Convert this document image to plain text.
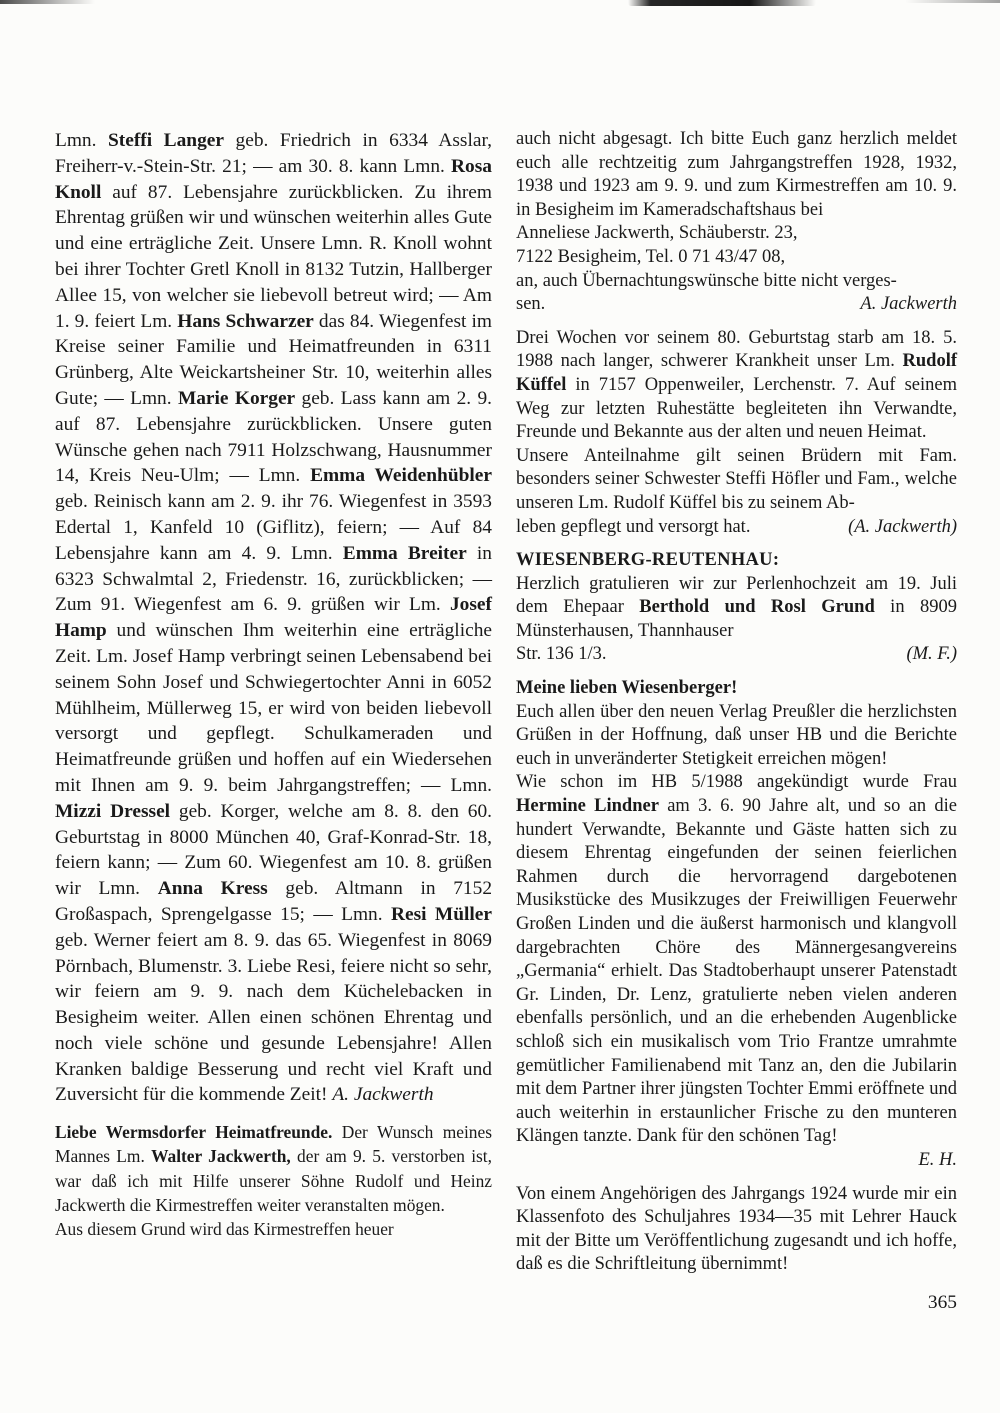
Lmn. Steffi Langer geb. Friedrich in 6334 Asslar, Freiherr-v.-Stein-Str. 21; — am 30. 8. kann Lmn. Rosa Knoll auf 87. Lebensjahre zurückblicken. Zu ihrem Ehrentag grüßen wir und wünschen weiterhin alles Gute und eine erträgliche Zeit. Unsere Lmn. R. Knoll wohnt bei ihrer Tochter Gretl Knoll in 8132 Tutzin, Hallberger Allee 15, von welcher sie liebevoll betreut wird; — Am 1. 9. feiert Lm. Hans Schwarzer das 84. Wiegenfest im Kreise seiner Familie und Heimatfreunden in 6311 Grünberg, Alte Weickartsheiner Str. 10, weiterhin alles Gute; — Lmn. Marie Korger geb. Lass kann am 2. 9. auf 87. Lebensjahre zurückblicken. Unsere guten Wünsche gehen nach 7911 Holzschwang, Hausnummer 14, Kreis Neu-Ulm; — Lmn. Emma Weidenhübler geb. Reinisch kann am 2. 9. ihr 76. Wiegenfest in 3593 Edertal 1, Kanfeld 10 (Giflitz), feiern; — Auf 84 Lebensjahre kann am 4. 9. Lmn. Emma Breiter in 6323 Schwalmtal 2, Friedenstr. 16, zurückblicken; — Zum 91. Wiegenfest am 6. 9. grüßen wir Lm. Josef Hamp und wünschen Ihm weiterhin eine erträgliche Zeit. Lm. Josef Hamp verbringt seinen Lebensabend bei seinem Sohn Josef und Schwiegertochter Anni in 6052 Mühlheim, Müllerweg 15, er wird von beiden liebevoll versorgt und gepflegt. Schulkameraden und Heimatfreunde grüßen und hoffen auf ein Wiedersehen mit Ihnen am 9. 9. beim Jahrgangstreffen; — Lmn. Mizzi Dressel geb. Korger, welche am 8. 8. den 60. Geburtstag in 8000 München 40, Graf-Konrad-Str. 18, feiern kann; — Zum 60. Wiegenfest am 10. 8. grüßen wir Lmn. Anna Kress geb. Altmann in 7152 Großaspach, Sprengelgasse 15; — Lmn. Resi Müller geb. Werner feiert am 8. 9. das 65. Wiegenfest in 8069 Pörnbach, Blumenstr. 3. Liebe Resi, feiere nicht so sehr, wir feiern am 9. 9. nach dem Küchelebacken in Besigheim weiter. Allen einen schönen Ehrentag und noch viele schöne und gesunde Lebensjahre! Allen Kranken baldige Besserung und recht viel Kraft und Zuversicht für die kommende Zeit! A. Jackwerth
Liebe Wermsdorfer Heimatfreunde. Der Wunsch meines Mannes Lm. Walter Jackwerth, der am 9. 5. verstorben ist, war daß ich mit Hilfe unserer Söhne Rudolf und Heinz Jackwerth die Kirmestreffen weiter veranstalten mögen.
Aus diesem Grund wird das Kirmestreffen heuer
auch nicht abgesagt. Ich bitte Euch ganz herzlich meldet euch alle rechtzeitig zum Jahrgangstreffen 1928, 1932, 1938 und 1923 am 9. 9. und zum Kirmestreffen am 10. 9. in Besigheim im Kameradschaftshaus bei
Anneliese Jackwerth, Schäuberstr. 23,
7122 Besigheim, Tel. 0 71 43/47 08,
an, auch Übernachtungswünsche bitte nicht verges-
sen.	A. Jackwerth
Drei Wochen vor seinem 80. Geburtstag starb am 18. 5. 1988 nach langer, schwerer Krankheit unser Lm. Rudolf Küffel in 7157 Oppenweiler, Lerchenstr. 7. Auf seinem Weg zur letzten Ruhestätte begleiteten ihn Verwandte, Freunde und Bekannte aus der alten und neuen Heimat.
Unsere Anteilnahme gilt seinen Brüdern mit Fam. besonders seiner Schwester Steffi Höfler und Fam., welche unseren Lm. Rudolf Küffel bis zu seinem Ab-
leben gepflegt und versorgt hat.	(A. Jackwerth)
WIESENBERG-REUTENHAU:
Herzlich gratulieren wir zur Perlenhochzeit am 19. Juli dem Ehepaar Berthold und Rosl Grund in 8909 Münsterhausen, Thannhauser
Str. 136 1/3.	(M. F.)
Meine lieben Wiesenberger!
Euch allen über den neuen Verlag Preußler die herzlichsten Grüßen in der Hoffnung, daß unser HB und die Berichte euch in unveränderter Stetigkeit erreichen mögen!
Wie schon im HB 5/1988 angekündigt wurde Frau Hermine Lindner am 3. 6. 90 Jahre alt, und so an die hundert Verwandte, Bekannte und Gäste hatten sich zu diesem Ehrentag eingefunden der seinen feierlichen Rahmen durch die hervorragend dargebotenen Musikstücke des Musikzuges der Freiwilligen Feuerwehr Großen Linden und die äußerst harmonisch und klangvoll dargebrachten Chöre des Männergesangvereins „Germania“ erhielt. Das Stadtoberhaupt unserer Patenstadt Gr. Linden, Dr. Lenz, gratulierte neben vielen anderen ebenfalls persönlich, und an die erhebenden Augenblicke schloß sich ein musikalisch vom Trio Frantze umrahmte gemütlicher Familienabend mit Tanz an, den die Jubilarin mit dem Partner ihrer jüngsten Tochter Emmi eröffnete und auch weiterhin in erstaunlicher Frische zu den munteren Klängen tanzte. Dank für den schönen Tag!
E. H.
Von einem Angehörigen des Jahrgangs 1924 wurde mir ein Klassenfoto des Schuljahres 1934—35 mit Lehrer Hauck mit der Bitte um Veröffentlichung zugesandt und ich hoffe, daß es die Schriftleitung übernimmt!
365
